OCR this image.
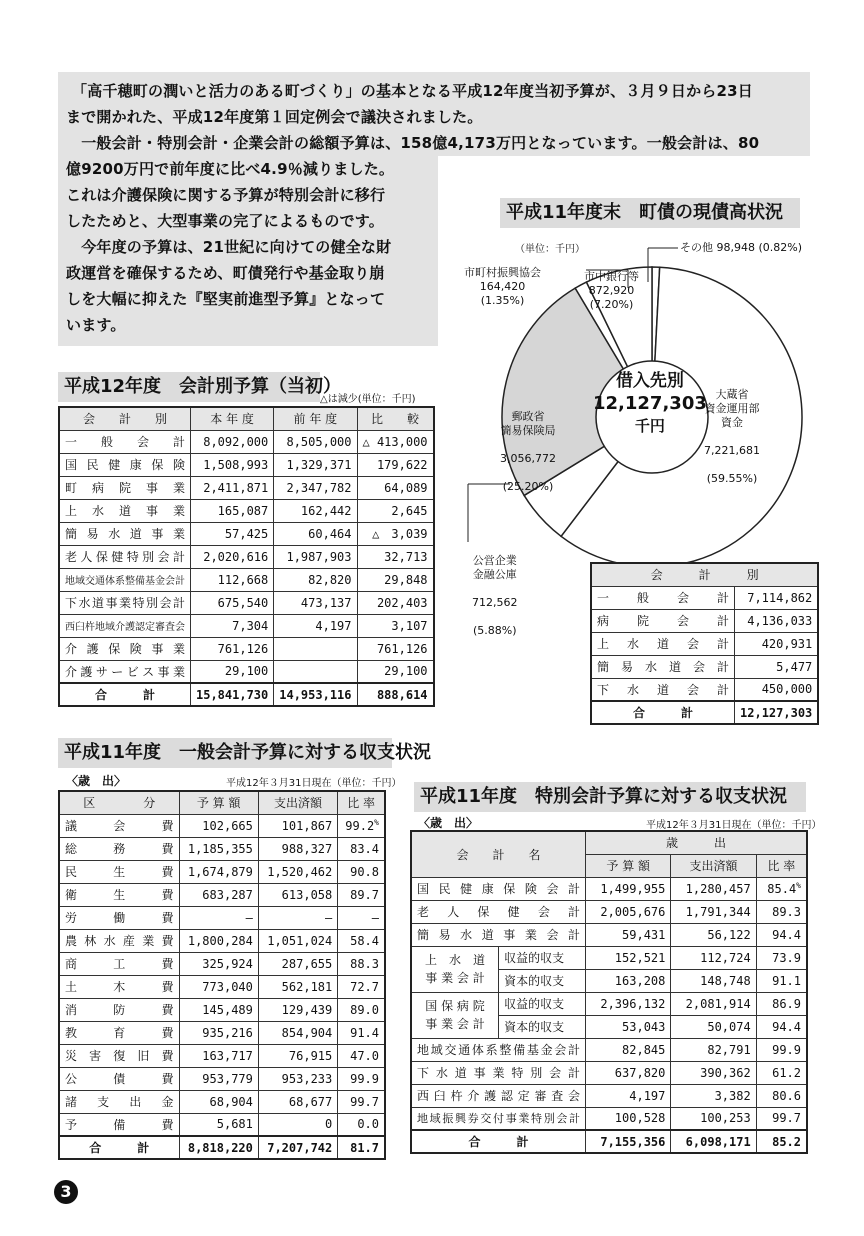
「高千穂町の潤いと活力のある町づくり」の基本となる平成12年度当初予算が、３月９日から23日
まで開かれた、平成12年度第１回定例会で議決されました。
　一般会計・特別会計・企業会計の総額予算は、158億4,173万円となっています。一般会計は、80
億9200万円で前年度に比べ4.9％減りました。
これは介護保険に関する予算が特別会計に移行
したためと、大型事業の完了によるものです。
　今年度の予算は、21世紀に向けての健全な財
政運営を確保するため、町債発行や基金取り崩
しを大幅に抑えた『堅実前進型予算』となって
います。
平成11年度末　町債の現債高状況
（単位：千円）
借入先別
12,127,303
千円

大蔵省
資金運用部
資金

7,221,681

(59.55%)

郵政省
簡易保険局

3,056,772

(25.20%)

公営企業
金融公庫

712,562

(5.88%)

市町村振興協会
164,420
(1.35%)
市中銀行等
872,920
(7.20%)
その他 98,948 (0.82%)
会　　　計　　　別	
一　般　会　計	7,114,862
病　院　会　計	4,136,033
上　水　道　会　計	420,931
簡　易　水　道　会　計	5,477
下　水　道　会　計	450,000
合　　　計	12,127,303
平成12年度　会計別予算（当初）
△は減少(単位：千円)
会　　計　　別	本 年 度	前 年 度	比　　較
一　般　会　計	8,092,000	8,505,000	△ 413,000
国民健康保険	1,508,993	1,329,371	179,622
町病院事業	2,411,871	2,347,782	64,089
上水道事業	165,087	162,442	2,645
簡易水道事業	57,425	60,464	△　3,039
老人保健特別会計	2,020,616	1,987,903	32,713
地域交通体系整備基金会計	112,668	82,820	29,848
下水道事業特別会計	675,540	473,137	202,403
西臼杵地域介護認定審査会	7,304	4,197	3,107
介護保険事業	761,126		761,126
介護サービス事業	29,100		29,100
合　　　計	15,841,730	14,953,116	888,614
平成11年度　一般会計予算に対する収支状況
〈歳　出〉	平成12年３月31日現在（単位：千円）
区　　　　分	予 算 額	支出済額	比 率
議　会　費	102,665	101,867	99.2%
総　務　費	1,185,355	988,327	83.4
民　生　費	1,674,879	1,520,462	90.8
衛　生　費	683,287	613,058	89.7
労　働　費	―	―	―
農林水産業費	1,800,284	1,051,024	58.4
商　工　費	325,924	287,655	88.3
土　木　費	773,040	562,181	72.7
消　防　費	145,489	129,439	89.0
教　育　費	935,216	854,904	91.4
災害復旧費	163,717	76,915	47.0
公　債　費	953,779	953,233	99.9
諸支出金	68,904	68,677	99.7
予　備　費	5,681	0	0.0
合　　　計	8,818,220	7,207,742	81.7
平成11年度　特別会計予算に対する収支状況
〈歳　出〉	平成12年３月31日現在（単位：千円）
会　　計　　名		歳　　　出		
		予 算 額	支出済額	比 率
国民健康保険会計		1,499,955	1,280,457	85.4%
老人保健会計		2,005,676	1,791,344	89.3
簡易水道事業会計		59,431	56,122	94.4
上　水　道
事 業 会 計	収益的収支	152,521	112,724	73.9
	資本的収支	163,208	148,748	91.1
国 保 病 院
事 業 会 計	収益的収支	2,396,132	2,081,914	86.9
	資本的収支	53,043	50,074	94.4
地域交通体系整備基金会計		82,845	82,791	99.9
下水道事業特別会計		637,820	390,362	61.2
西臼杵介護認定審査会		4,197	3,382	80.6
地域振興券交付事業特別会計		100,528	100,253	99.7
合　　　計		7,155,356	6,098,171	85.2
3
